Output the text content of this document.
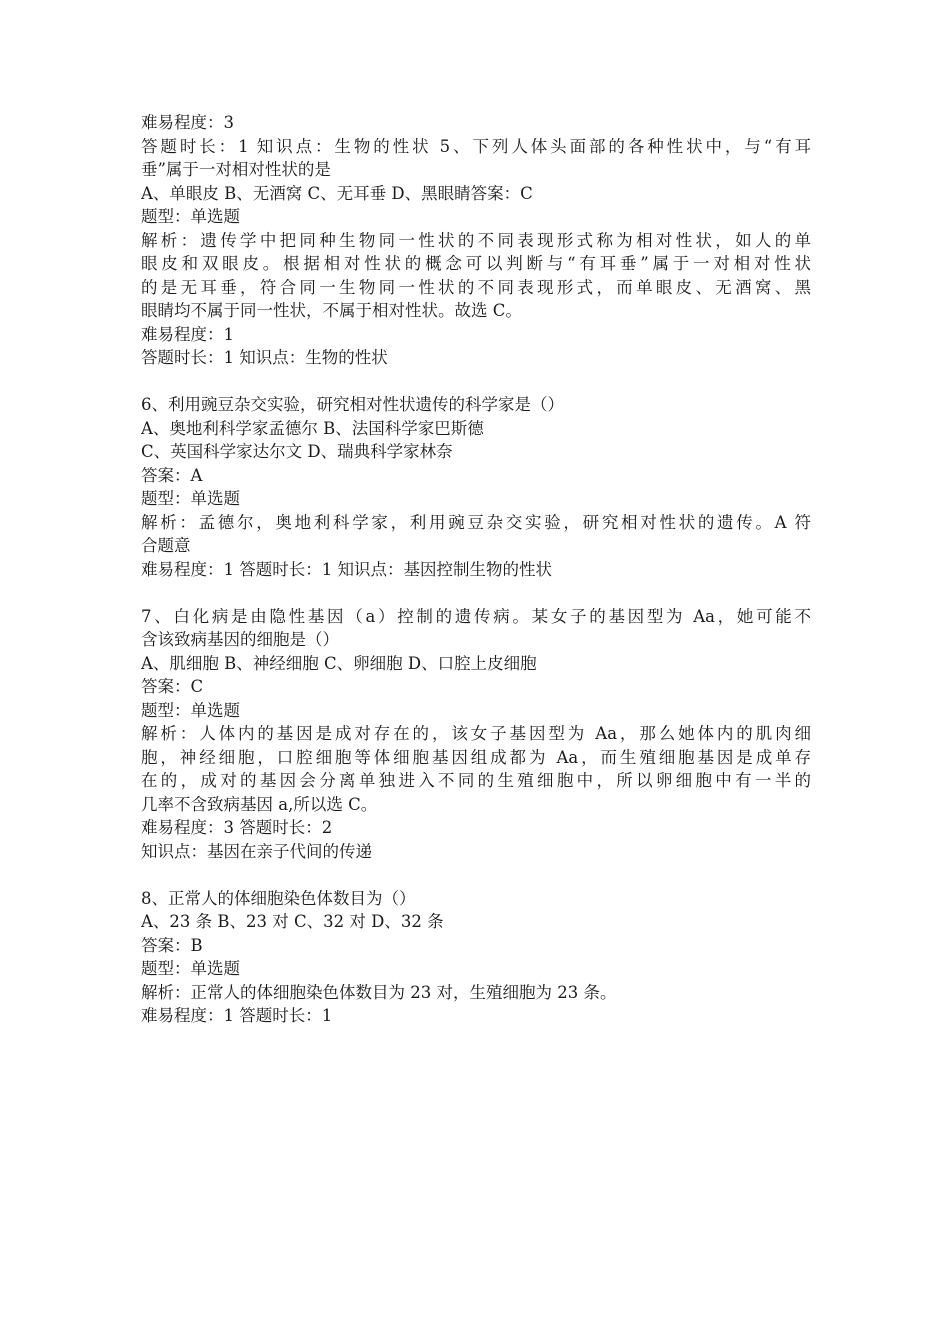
难易程度：3
答题时长：1 知识点：生物的性状 5、下列人体头面部的各种性状中，与“有耳
垂”属于一对相对性状的是
A、单眼皮 B、无酒窝 C、无耳垂 D、黑眼睛答案：C
题型：单选题
解析：遗传学中把同种生物同一性状的不同表现形式称为相对性状，如人的单
眼皮和双眼皮。根据相对性状的概念可以判断与“有耳垂”属于一对相对性状
的是无耳垂，符合同一生物同一性状的不同表现形式，而单眼皮、无酒窝、黑
眼睛均不属于同一性状，不属于相对性状。故选 C。
难易程度：1
答题时长：1 知识点：生物的性状
6、利用豌豆杂交实验，研究相对性状遗传的科学家是（）
A、奥地利科学家孟德尔 B、法国科学家巴斯德
C、英国科学家达尔文 D、瑞典科学家林奈
答案：A
题型：单选题
解析：孟德尔，奥地利科学家，利用豌豆杂交实验，研究相对性状的遗传。A 符
合题意
难易程度：1 答题时长：1 知识点：基因控制生物的性状
7、白化病是由隐性基因（a）控制的遗传病。某女子的基因型为 Aa，她可能不
含该致病基因的细胞是（）
A、肌细胞 B、神经细胞 C、卵细胞 D、口腔上皮细胞
答案：C
题型：单选题
解析：人体内的基因是成对存在的，该女子基因型为 Aa，那么她体内的肌肉细
胞，神经细胞，口腔细胞等体细胞基因组成都为 Aa，而生殖细胞基因是成单存
在的，成对的基因会分离单独进入不同的生殖细胞中，所以卵细胞中有一半的
几率不含致病基因 a,所以选 C。
难易程度：3 答题时长：2
知识点：基因在亲子代间的传递
8、正常人的体细胞染色体数目为（）
A、23 条 B、23 对 C、32 对 D、32 条
答案：B
题型：单选题
解析：正常人的体细胞染色体数目为 23 对，生殖细胞为 23 条。
难易程度：1 答题时长：1
